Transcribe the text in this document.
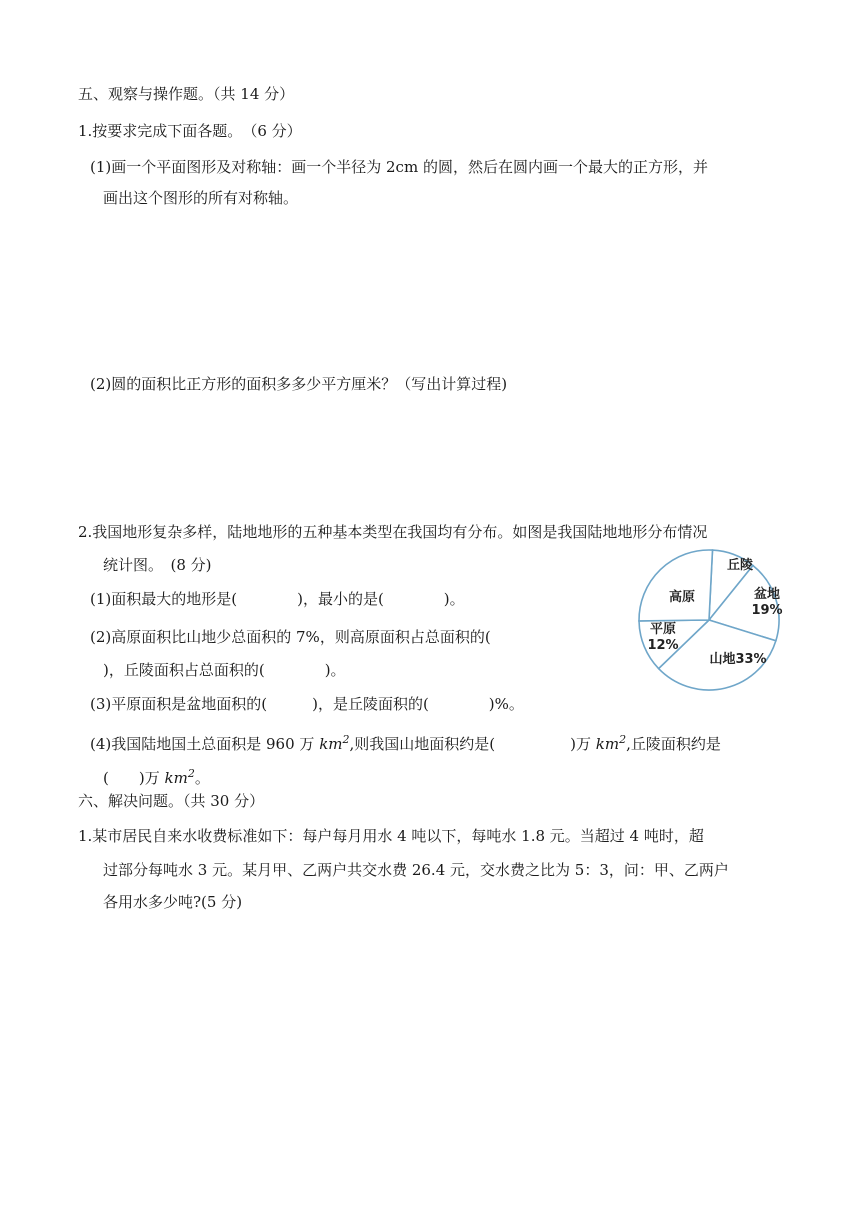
五、观察与操作题。（共 14 分）
1.按要求完成下面各题。　（6 分）
(1)画一个平面图形及对称轴：画一个半径为 2cm 的圆，然后在圆内画一个最大的正方形，并
画出这个图形的所有对称轴。
(2)圆的面积比正方形的面积多多少平方厘米？（写出计算过程)
2.我国地形复杂多样，陆地地形的五种基本类型在我国均有分布。如图是我国陆地地形分布情况
统计图。　(8 分)
(1)面积最大的地形是(　　　　)，最小的是(　　　　)。
(2)高原面积比山地少总面积的 7%，则高原面积占总面积的(
)，丘陵面积占总面积的(　　　　)。
(3)平原面积是盆地面积的(　　　)，是丘陵面积的(　　　　)%。
(4)我国陆地国土总面积是 960 万 $km^2$,则我国山地面积约是(　　　　　)万 $km^2$,丘陵面积约是
(　　)万 $km^2$。
六、解决问题。（共 30 分）
1.某市居民自来水收费标准如下：每户每月用水 4 吨以下，每吨水 1.8 元。当超过 4 吨时，超
过部分每吨水 3 元。某月甲、乙两户共交水费 26.4 元，交水费之比为 5：3，问：甲、乙两户
各用水多少吨?(5 分)
丘陵
盆地 19%
山地33%
平原 12%
高原
